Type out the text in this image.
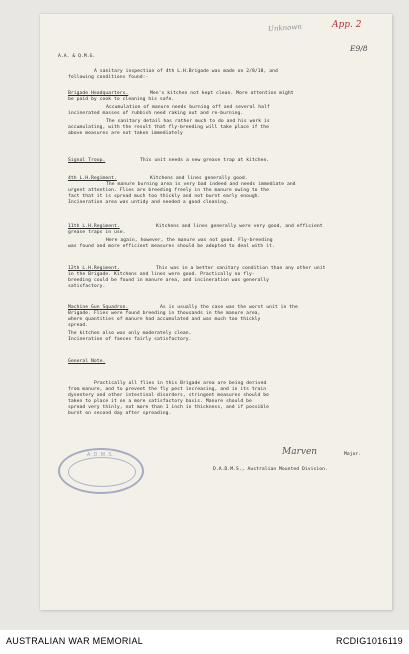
Unknown	App. 2
E9/8
A.A. & Q.M.G.
A sanitary inspection of 4th L.H.Brigade was made on 2/8/18, and
following conditions found:-
Brigade Headquarters.	Men's kitchen not kept clean. More attention might
be paid by cook to cleaning his safe.
Accumulation of manure needs burning off and several half
incinerated masses of rubbish need raking out and re-burning.
The sanitary detail has rather much to do and his work is
accumulating, with the result that fly-breeding will take place if the
above measures are not taken immediately
Signal Troop.	This unit needs a new grease trap at kitchen.
4th L.H.Regiment.	Kitchens and lines generally good.
The manure burning area is very bad indeed and needs immediate and
urgent attention. Flies are breeding freely in the manure owing to the
fact that it is spread much too thickly and not burnt early enough.
Incineration area was untidy and needed a good cleaning.
11th L.H.Regiment.	Kitchens and lines generally were very good, and efficient
grease traps in use.
Here again, however, the manure was not good. Fly-breeding
was found and more efficient measures should be adopted to deal with it.
12th L.H.Regiment.	This was in a better sanitary condition than any other unit
in the Brigade. Kitchens and lines were good. Practically no fly-
breeding could be found in manure area, and incineration was generally
satisfactory.
Machine Gun Squadron.	As is usually the case was the worst unit in the
Brigade. Flies were found breeding in thousands in the manure area,
where quantities of manure had accumulated and was much too thickly
spread.
The kitchen also was only moderately clean.
Incineration of faeces fairly satisfactory.
General Note.
Practically all flies in this Brigade area are being derived
from manure, and to prevent the fly pest increasing, and in its train
dysentery and other intestinal disorders, stringent measures should be
taken to place it on a more satisfactory basis. Manure should be
spread very thinly, not more than 1 inch in thickness, and if possible
burnt on second day after spreading.
A.D.M.S.	Marven	Major.
D.A.D.M.S., Australian Mounted Division.
AUSTRALIAN WAR MEMORIAL	RCDIG1016119
